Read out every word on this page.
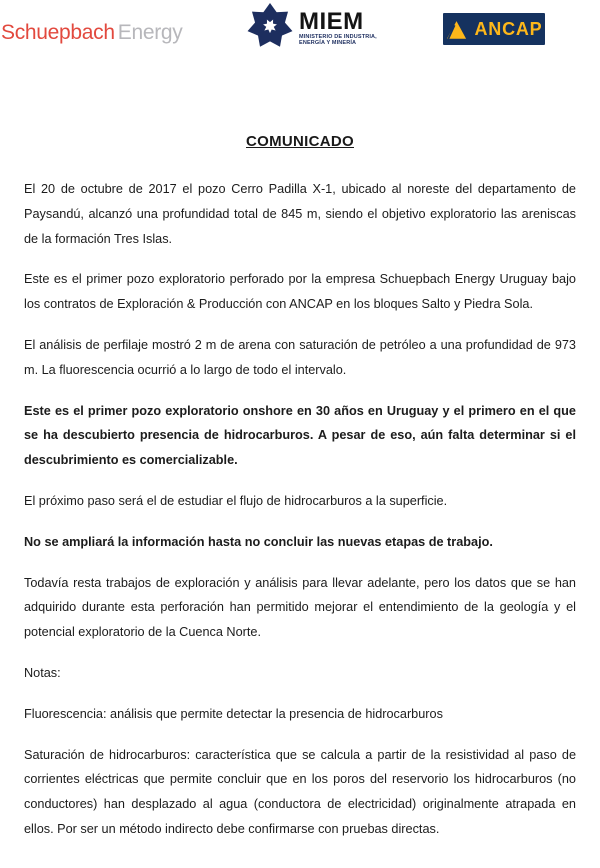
Schuepbach Energy	MIEM
MINISTERIO DE INDUSTRIA,
ENERGÍA Y MINERÍA
ANCAP
COMUNICADO

El 20 de octubre de 2017 el pozo Cerro Padilla X-1, ubicado al noreste del departamento de Paysandú, alcanzó una profundidad total de 845 m, siendo el objetivo exploratorio las areniscas de la formación Tres Islas.

Este es el primer pozo exploratorio perforado por la empresa Schuepbach Energy Uruguay bajo los contratos de Exploración & Producción con ANCAP en los bloques Salto y Piedra Sola.

El análisis de perfilaje mostró 2 m de arena con saturación de petróleo a una profundidad de 973 m. La fluorescencia ocurrió a lo largo de todo el intervalo.

Este es el primer pozo exploratorio onshore en 30 años en Uruguay y el primero en el que se ha descubierto presencia de hidrocarburos. A pesar de eso, aún falta determinar si el descubrimiento es comercializable.

El próximo paso será el de estudiar el flujo de hidrocarburos a la superficie.

No se ampliará la información hasta no concluir las nuevas etapas de trabajo.

Todavía resta trabajos de exploración y análisis para llevar adelante, pero los datos que se han adquirido durante esta perforación han permitido mejorar el entendimiento de la geología y el potencial exploratorio de la Cuenca Norte.

Notas:

Fluorescencia: análisis que permite detectar la presencia de hidrocarburos

Saturación de hidrocarburos: característica que se calcula a partir de la resistividad al paso de corrientes eléctricas que permite concluir que en los poros del reservorio los hidrocarburos (no conductores) han desplazado al agua (conductora de electricidad) originalmente atrapada en ellos. Por ser un método indirecto debe confirmarse con pruebas directas.
